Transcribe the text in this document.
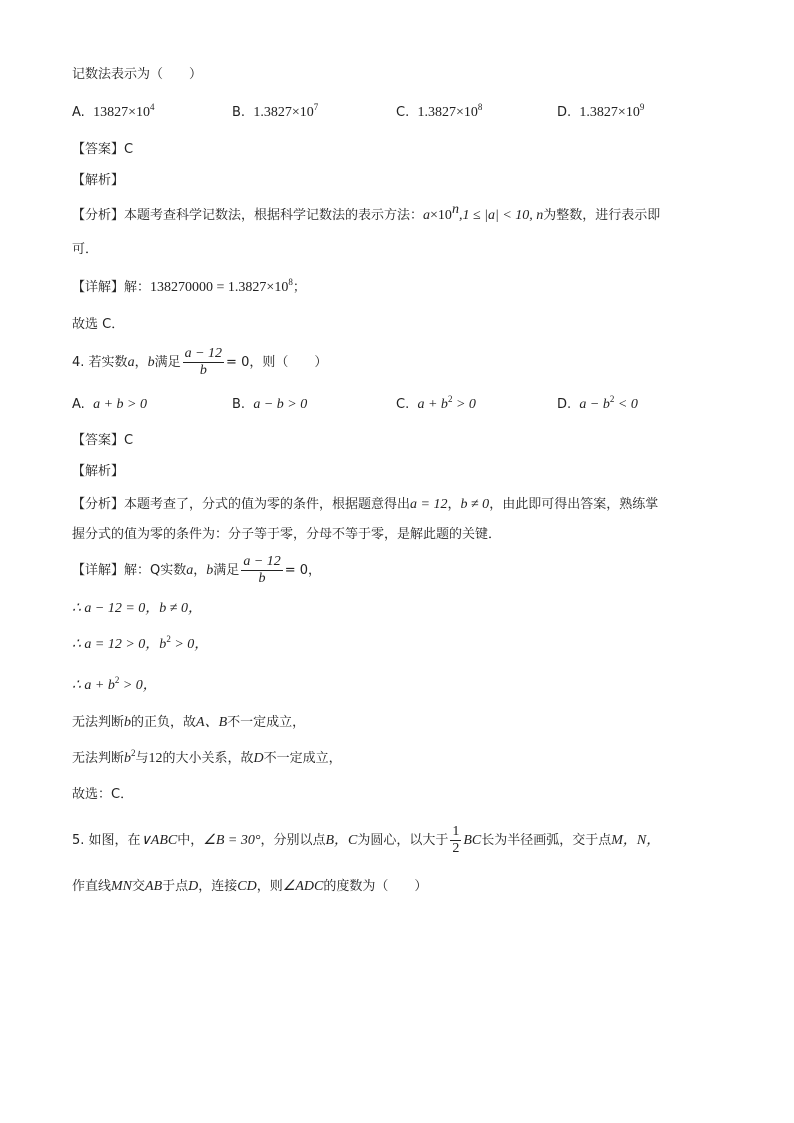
记数法表示为（　　）
A. $13827\times 10^4$	B. $1.3827\times 10^7$	C. $1.3827\times 10^8$	D. $1.3827\times 10^9$
【答案】C
【解析】
【分析】本题考查科学记数法，根据科学记数法的表示方法：$a\times 10^n,1 \le |a| < 10$, n为整数，进行表示即
可．
【详解】解：$138270000 = 1.3827\times 10^8$；
故选 C．
4. 若实数a，b满足 $\frac{a - 12}{b} = 0$，则（　　）
A. a + b > 0	B. a − b > 0	C. $a + b^2 > 0$	D. $a - b^2 < 0$
【答案】C
【解析】
【分析】本题考查了，分式的值为零的条件，根据题意得出a = 12，b ≠ 0，由此即可得出答案，熟练掌
握分式的值为零的条件为：分子等于零，分母不等于零，是解此题的关键．
【详解】解：Q实数a，b满足 $\frac{a - 12}{b} = 0$，
∴ a − 12 = 0，b ≠ 0，
∴ a = 12 > 0，$b^2 > 0$，
∴ $a + b^2 > 0$，
无法判断b的正负，故A、B不一定成立，
无法判断$b^2$与12的大小关系，故D不一定成立，
故选：C．
5. 如图，在∨ABC中，∠B = 30°，分别以点B，C为圆心，以大于 $\frac{1}{2}$ BC长为半径画弧，交于点M，N，
作直线MN交AB于点D，连接CD，则∠ADC的度数为（　　）
